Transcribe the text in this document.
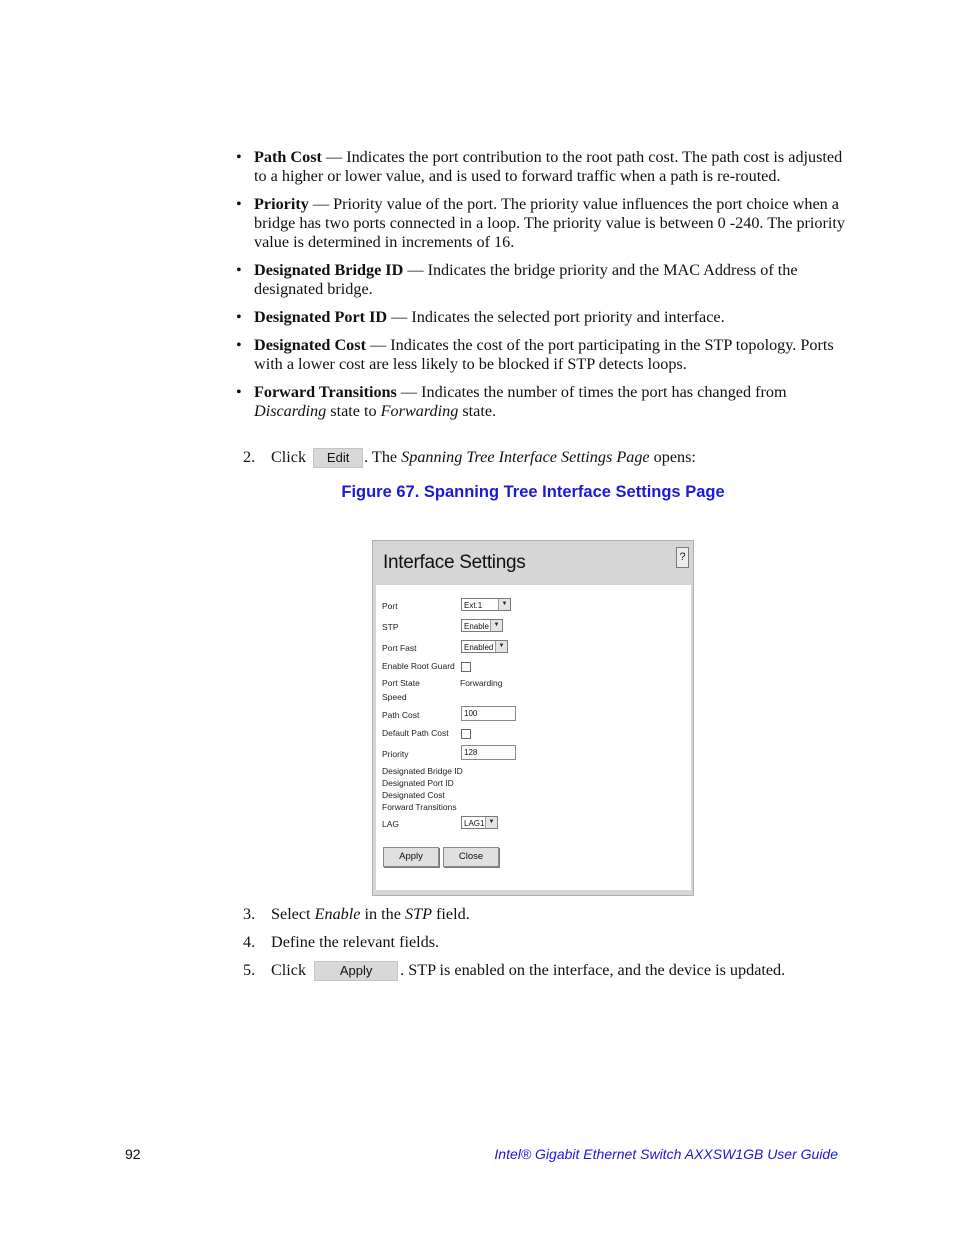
• Path Cost — Indicates the port contribution to the root path cost. The path cost is adjusted to a higher or lower value, and is used to forward traffic when a path is re-routed.
• Priority — Priority value of the port. The priority value influences the port choice when a bridge has two ports connected in a loop. The priority value is between 0 -240. The priority value is determined in increments of 16.
• Designated Bridge ID — Indicates the bridge priority and the MAC Address of the designated bridge.
• Designated Port ID — Indicates the selected port priority and interface.
• Designated Cost — Indicates the cost of the port participating in the STP topology. Ports with a lower cost are less likely to be blocked if STP detects loops.
• Forward Transitions — Indicates the number of times the port has changed from Discarding state to Forwarding state.
2. Click Edit . The Spanning Tree Interface Settings Page opens:
Figure 67. Spanning Tree Interface Settings Page
Interface Settings	?
Port	Ext.1	▼
STP	Enable ▼
Port Fast	Enabled ▼
Enable Root Guard
Port State	Forwarding
Speed
Path Cost	100
Default Path Cost
Priority	128
Designated Bridge ID
Designated Port ID
Designated Cost
Forward Transitions
LAG	LAG1 ▼
Apply	Close
3. Select Enable in the STP field.
4. Define the relevant fields.
5. Click Apply . STP is enabled on the interface, and the device is updated.
92	Intel® Gigabit Ethernet Switch AXXSW1GB User Guide
